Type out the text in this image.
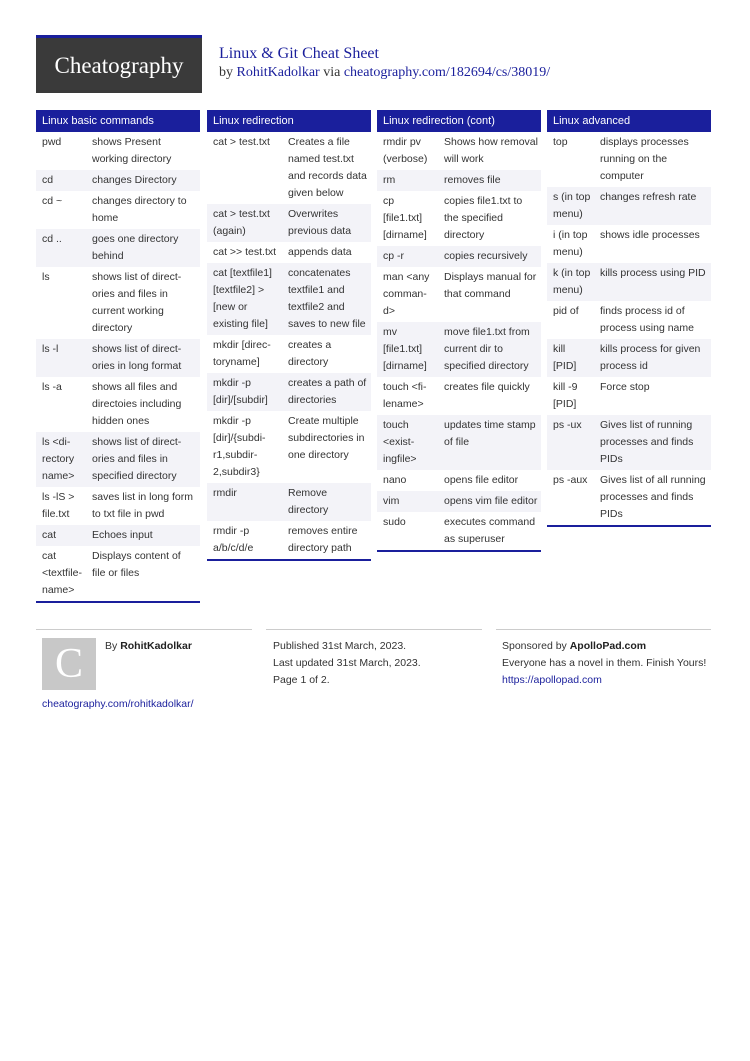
Cheatography	Linux & Git Cheat Sheet
by RohitKadolkar via cheatography.com/182694/cs/38019/
Linux basic commands
pwd	shows Present working directory
cd	changes Directory
cd ~	changes directory to home
cd ..	goes one directory behind
ls	shows list of directories and files in current working directory
ls -l	shows list of directories in long format
ls -a	shows all files and directoies including hidden ones
ls <directory name>	shows list of directories and files in specified directory
ls -lS > file.txt	saves list in long form to txt file in pwd
cat	Echoes input
cat <textfilename>	Displays content of file or files
Linux redirection
cat > test.txt	Creates a file named test.txt and records data given below
cat > test.txt (again)	Overwrites previous data
cat >> test.txt	appends data
cat [textfile1] [textfile2] > [new or existing file]	concatenates textfile1 and textfile2 and saves to new file
mkdir [directoryname]	creates a directory
mkdir -p [dir]/[subdir]	creates a path of directories
mkdir -p [dir]/{subdir1,subdir2,subdir3}	Create multiple subdirectories in one directory
rmdir	Remove directory
rmdir -p a/b/c/d/e	removes entire directory path
Linux redirection (cont)
rmdir pv (verbose)	Shows how removal will work
rm	removes file
cp [file1.txt] [dirname]	copies file1.txt to the specified directory
cp -r	copies recursively
man <any command>	Displays manual for that command
mv [file1.txt] [dirname]	move file1.txt from current dir to specified directory
touch <filename>	creates file quickly
touch <existingfile>	updates time stamp of file
nano	opens file editor
vim	opens vim file editor
sudo	executes command as superuser
Linux advanced
top	displays processes running on the computer
s (in top menu)	changes refresh rate
i (in top menu)	shows idle processes
k (in top menu)	kills process using PID
pid of	finds process id of process using name
kill [PID]	kills process for given process id
kill -9 [PID]	Force stop
ps -ux	Gives list of running processes and finds PIDs
ps -aux	Gives list of all running processes and finds PIDs
C	By RohitKadolkar
cheatography.com/rohitkadolkar/
Published 31st March, 2023.
Last updated 31st March, 2023.
Page 1 of 2.
Sponsored by ApolloPad.com
Everyone has a novel in them. Finish Yours!
https://apollopad.com
